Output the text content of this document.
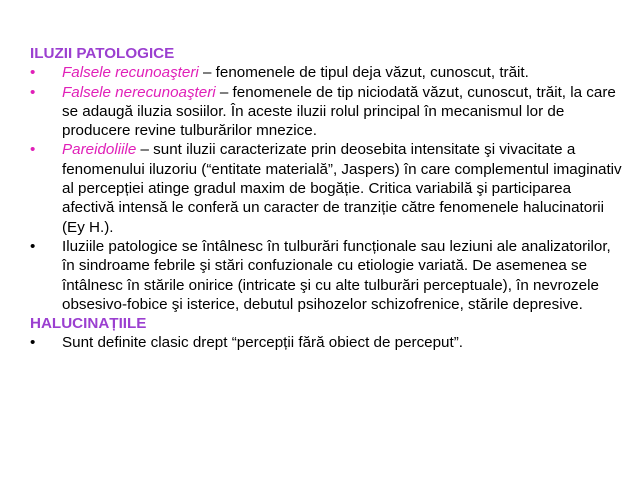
ILUZII PATOLOGICE

•	Falsele recunoaşteri – fenomenele de tipul deja văzut, cunoscut, trăit.

•	Falsele nerecunoaşteri – fenomenele de tip niciodată văzut, cunoscut, trăit, la care se adaugă iluzia sosiilor. În aceste iluzii rolul principal în mecanismul lor de producere revine tulburărilor mnezice.

•	Pareidoliile – sunt iluzii caracterizate prin deosebita intensitate şi vivacitate a fenomenului iluzoriu (“entitate materială”, Jaspers) în care complementul imaginativ al percepției atinge gradul maxim de bogăție. Critica variabilă şi participarea afectivă intensă le conferă un caracter de tranziție către fenomenele halucinatorii (Ey H.).

•	Iluziile patologice se întâlnesc în tulburări funcționale sau leziuni ale analizatorilor, în sindroame febrile şi stări confuzionale cu etiologie variată. De asemenea se întâlnesc în stările onirice (intricate şi cu alte tulburări perceptuale), în nevrozele obsesivo-fobice şi isterice, debutul psihozelor schizofrenice, stările depresive.

HALUCINAȚIILE

•	Sunt definite clasic drept “percepții fără obiect de perceput”.
